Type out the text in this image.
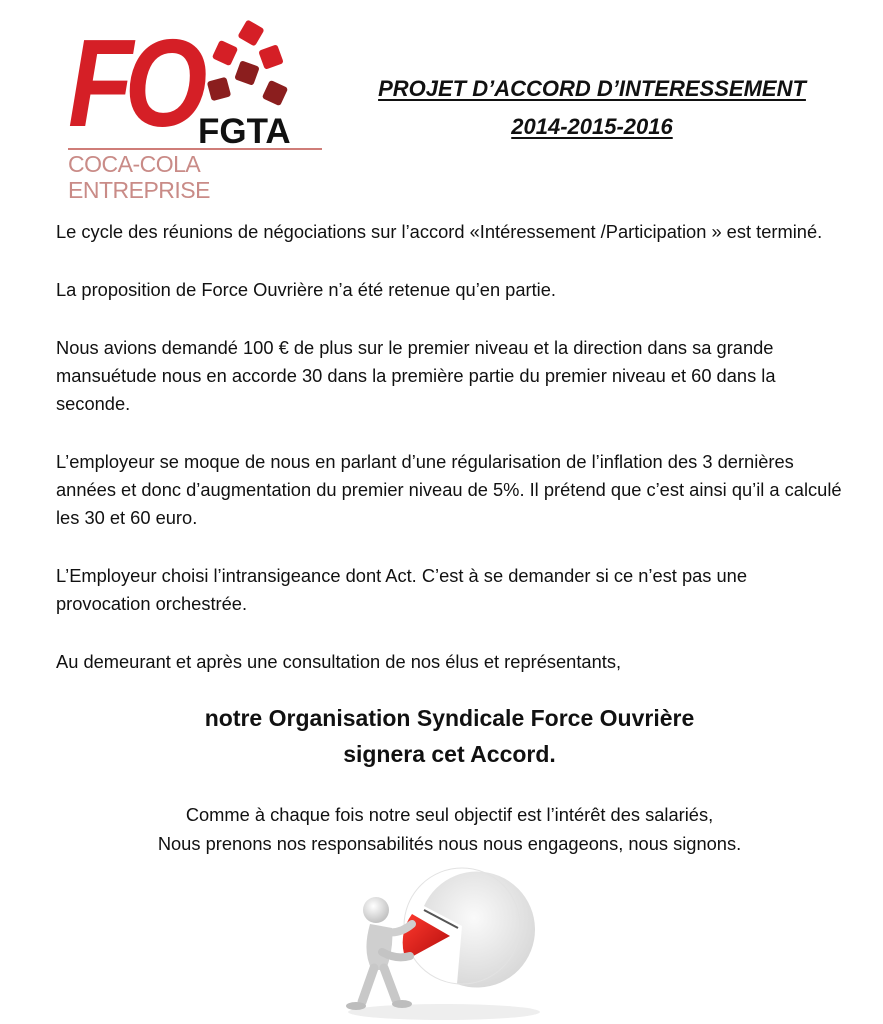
FO FGTA
COCA-COLA ENTREPRISE
PROJET D’ACCORD D’INTERESSEMENT
2014-2015-2016

Le cycle des réunions de négociations sur l’accord «Intéressement /Participation » est terminé.

La proposition de Force Ouvrière n’a été retenue qu’en partie.

Nous avions demandé 100 € de plus sur le premier niveau et la direction dans sa grande mansuétude nous en accorde 30 dans la première partie du premier niveau et 60 dans la seconde.

L’employeur se moque de nous en parlant d’une régularisation de l’inflation des 3 dernières années et donc d’augmentation du premier niveau de 5%. Il prétend que c’est ainsi qu’il a calculé les 30 et 60 euro.

L’Employeur choisi l’intransigeance dont Act. C’est à se demander si ce n’est pas une provocation orchestrée.

Au demeurant et après une consultation de nos élus et représentants,

notre Organisation Syndicale Force Ouvrière
signera cet Accord.
Comme à chaque fois notre seul objectif est l’intérêt des salariés,
Nous prenons nos responsabilités nous nous engageons, nous signons.
